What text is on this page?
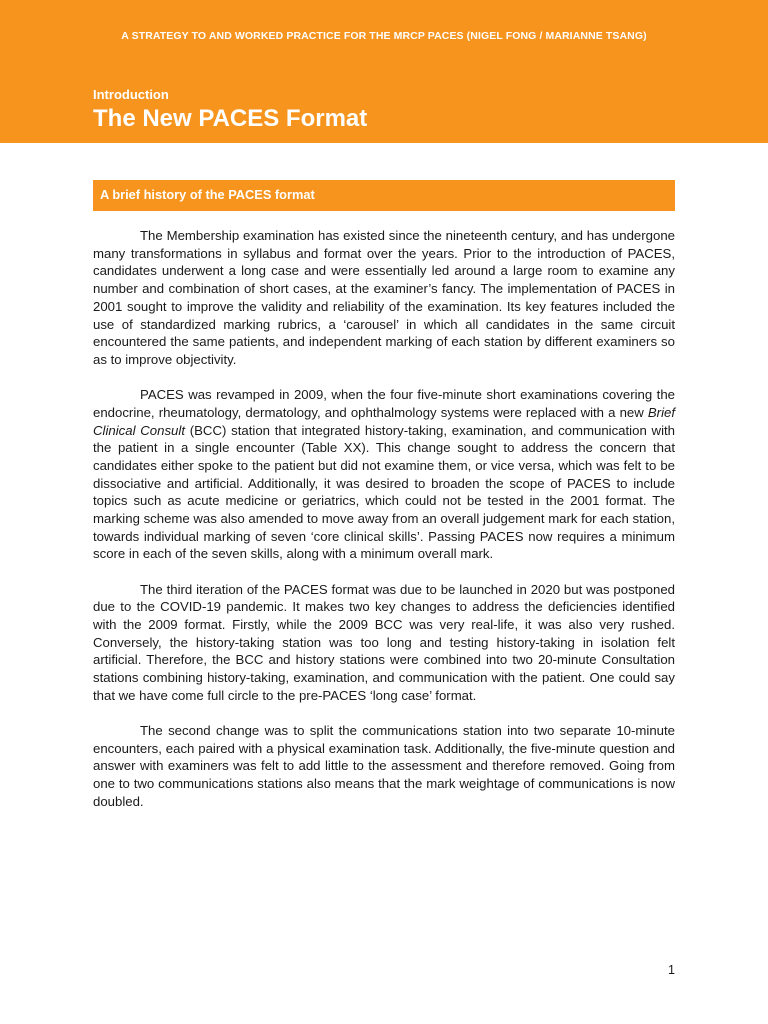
A STRATEGY TO AND WORKED PRACTICE FOR THE MRCP PACES (NIGEL FONG / MARIANNE TSANG)

Introduction

The New PACES Format
A brief history of the PACES format

The Membership examination has existed since the nineteenth century, and has undergone many transformations in syllabus and format over the years. Prior to the introduction of PACES, candidates underwent a long case and were essentially led around a large room to examine any number and combination of short cases, at the examiner’s fancy. The implementation of PACES in 2001 sought to improve the validity and reliability of the examination. Its key features included the use of standardized marking rubrics, a ‘carousel’ in which all candidates in the same circuit encountered the same patients, and independent marking of each station by different examiners so as to improve objectivity.

PACES was revamped in 2009, when the four five-minute short examinations covering the endocrine, rheumatology, dermatology, and ophthalmology systems were replaced with a new Brief Clinical Consult (BCC) station that integrated history-taking, examination, and communication with the patient in a single encounter (Table XX). This change sought to address the concern that candidates either spoke to the patient but did not examine them, or vice versa, which was felt to be dissociative and artificial. Additionally, it was desired to broaden the scope of PACES to include topics such as acute medicine or geriatrics, which could not be tested in the 2001 format. The marking scheme was also amended to move away from an overall judgement mark for each station, towards individual marking of seven ‘core clinical skills’. Passing PACES now requires a minimum score in each of the seven skills, along with a minimum overall mark.

The third iteration of the PACES format was due to be launched in 2020 but was postponed due to the COVID-19 pandemic. It makes two key changes to address the deficiencies identified with the 2009 format. Firstly, while the 2009 BCC was very real-life, it was also very rushed. Conversely, the history-taking station was too long and testing history-taking in isolation felt artificial. Therefore, the BCC and history stations were combined into two 20-minute Consultation stations combining history-taking, examination, and communication with the patient. One could say that we have come full circle to the pre-PACES ‘long case’ format.

The second change was to split the communications station into two separate 10-minute encounters, each paired with a physical examination task. Additionally, the five-minute question and answer with examiners was felt to add little to the assessment and therefore removed. Going from one to two communications stations also means that the mark weightage of communications is now doubled.

1
